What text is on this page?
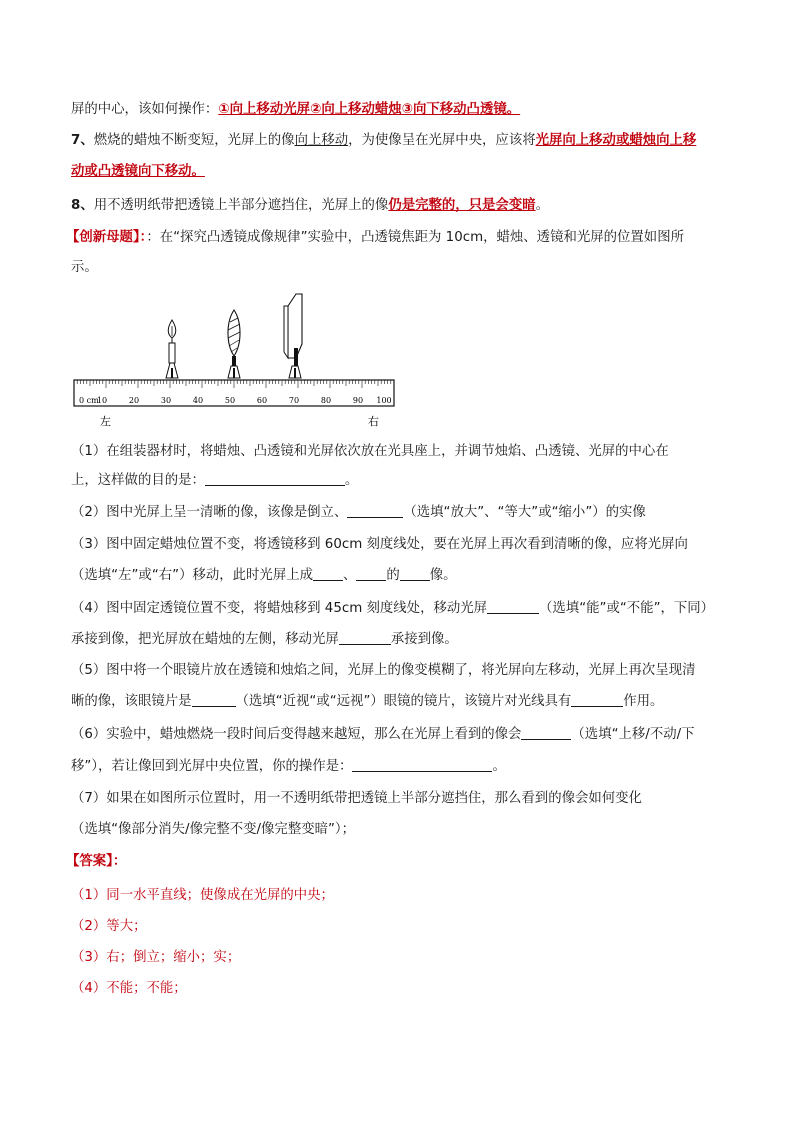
屏的中心，该如何操作：①向上移动光屏②向上移动蜡烛③向下移动凸透镜。
7、燃烧的蜡烛不断变短，光屏上的像向上移动，为使像呈在光屏中央，应该将光屏向上移动或蜡烛向上移
动或凸透镜向下移动。
8、用不透明纸带把透镜上半部分遮挡住，光屏上的像仍是完整的，只是会变暗。
【创新母题】：：在“探究凸透镜成像规律”实验中，凸透镜焦距为 10cm，蜡烛、透镜和光屏的位置如图所
示。
0 cm
10	20	30	40	50	60	70	80	90 100
左	右
（1）在组装器材时，将蜡烛、凸透镜和光屏依次放在光具座上，并调节烛焰、凸透镜、光屏的中心在
上，这样做的目的是：	。
（2）图中光屏上呈一清晰的像，该像是倒立、	（选填“放大”、“等大”或“缩小”）的实像
（3）图中固定蜡烛位置不变，将透镜移到 60cm 刻度线处，要在光屏上再次看到清晰的像，应将光屏向
（选填“左”或“右”）移动，此时光屏上成 、 的 像。
（4）图中固定透镜位置不变，将蜡烛移到 45cm 刻度线处，移动光屏	（选填“能”或“不能”，下同）
承接到像，把光屏放在蜡烛的左侧，移动光屏	承接到像。
（5）图中将一个眼镜片放在透镜和烛焰之间，光屏上的像变模糊了，将光屏向左移动，光屏上再次呈现清
晰的像，该眼镜片是	（选填“近视“或“远视”）眼镜的镜片，该镜片对光线具有	作用。
（6）实验中，蜡烛燃烧一段时间后变得越来越短，那么在光屏上看到的像会	（选填“上移/不动/下
移”），若让像回到光屏中央位置，你的操作是：	。
（7）如果在如图所示位置时，用一不透明纸带把透镜上半部分遮挡住，那么看到的像会如何变化
（选填“像部分消失/像完整不变/像完整变暗”）；
【答案】：
（1）同一水平直线；使像成在光屏的中央；
（2）等大；
（3）右；倒立；缩小；实；
（4）不能；不能；
